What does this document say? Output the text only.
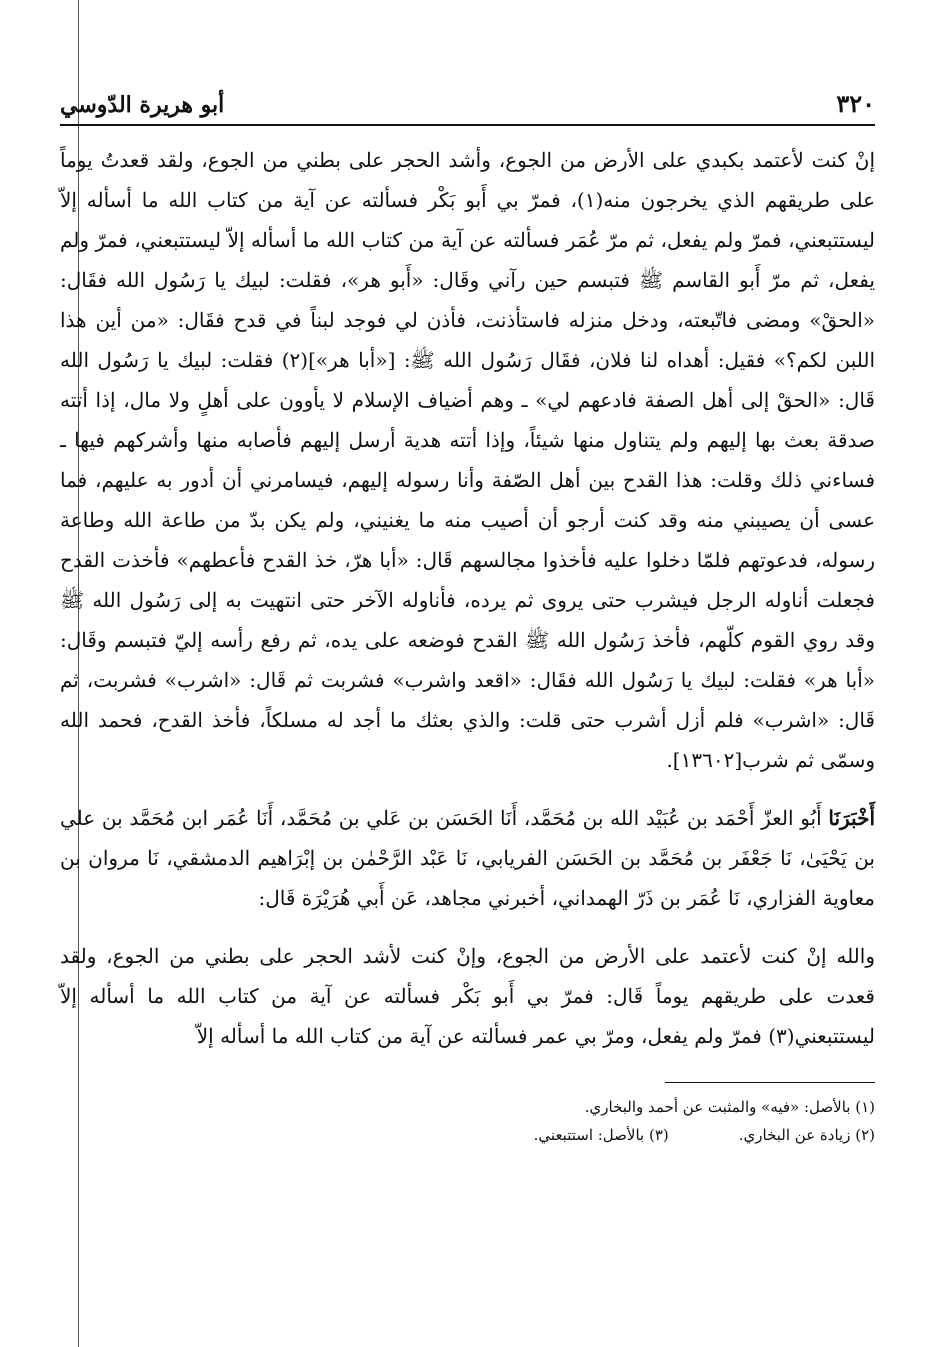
٣٢٠
أبو هريرة الدّوسي

إنْ كنت لأعتمد بكبدي على الأرض من الجوع، وأشد الحجر على بطني من الجوع، ولقد قعدتُ يوماً على طريقهم الذي يخرجون منه(١)، فمرّ بي أَبو بَكْر فسألته عن آية من كتاب الله ما أسأله إلاّ ليستتبعني، فمرّ ولم يفعل، ثم مرّ عُمَر فسألته عن آية من كتاب الله ما أسأله إلاّ ليستتبعني، فمرّ ولم يفعل، ثم مرّ أَبو القاسم ﷺ فتبسم حين رآني وقَال: «أَبو هر»، فقلت: لبيك يا رَسُول الله فقَال: «الحقْ» ومضى فاتّبعته، ودخل منزله فاستأذنت، فأذن لي فوجد لبناً في قدح فقَال: «من أين هذا اللبن لكم؟» فقيل: أهداه لنا فلان، فقَال رَسُول الله ﷺ: [«أبا هر»](٢) فقلت: لبيك يا رَسُول الله قَال: «الحقْ إلى أهل الصفة فادعهم لي» ـ وهم أضياف الإسلام لا يأوون على أهلٍ ولا مال، إذا أتته صدقة بعث بها إليهم ولم يتناول منها شيئاً، وإذا أتته هدية أرسل إليهم فأصابه منها وأشركهم فيها ـ فساءني ذلك وقلت: هذا القدح بين أهل الصّفة وأنا رسوله إليهم، فيسامرني أن أدور به عليهم، فما عسى أن يصيبني منه وقد كنت أرجو أن أصيب منه ما يغنيني، ولم يكن بدّ من طاعة الله وطاعة رسوله، فدعوتهم فلمّا دخلوا عليه فأخذوا مجالسهم قَال: «أبا هرّ، خذ القدح فأعطهم» فأخذت القدح فجعلت أناوله الرجل فيشرب حتى يروى ثم يرده، فأناوله الآخر حتى انتهيت به إلى رَسُول الله ﷺ وقد روي القوم كلّهم، فأخذ رَسُول الله ﷺ القدح فوضعه على يده، ثم رفع رأسه إليّ فتبسم وقَال: «أبا هر» فقلت: لبيك يا رَسُول الله فقَال: «اقعد واشرب» فشربت ثم قَال: «اشرب» فشربت، ثم قَال: «اشرب» فلم أزل أشرب حتى قلت: والذي بعثك ما أجد له مسلكاً، فأخذ القدح، فحمد الله وسمّى ثم شرب[١٣٦٠٢].

أَخْبَرَنَا أَبُو العزّ أَحْمَد بن عُبَيْد الله بن مُحَمَّد، أَنَا الحَسَن بن عَلي بن مُحَمَّد، أَنَا عُمَر ابن مُحَمَّد بن علي بن يَحْيَىٰ، نَا جَعْفَر بن مُحَمَّد بن الحَسَن الفريابي، نَا عَبْد الرَّحْمٰن بن إبْرَاهيم الدمشقي، نَا مروان بن معاوية الفزاري، نَا عُمَر بن ذَرّ الهمداني، أخبرني مجاهد، عَن أَبي هُرَيْرَة قَال:

والله إنْ كنت لأعتمد على الأرض من الجوع، وإنْ كنت لأشد الحجر على بطني من الجوع، ولقد قعدت على طريقهم يوماً قَال: فمرّ بي أَبو بَكْر فسألته عن آية من كتاب الله ما أسأله إلاّ ليستتبعني(٣) فمرّ ولم يفعل، ومرّ بي عمر فسألته عن آية من كتاب الله ما أسأله إلاّ

(١) بالأصل: «فيه» والمثبت عن أحمد والبخاري.
(٢) زيادة عن البخاري.
(٣) بالأصل: استتبعني.
